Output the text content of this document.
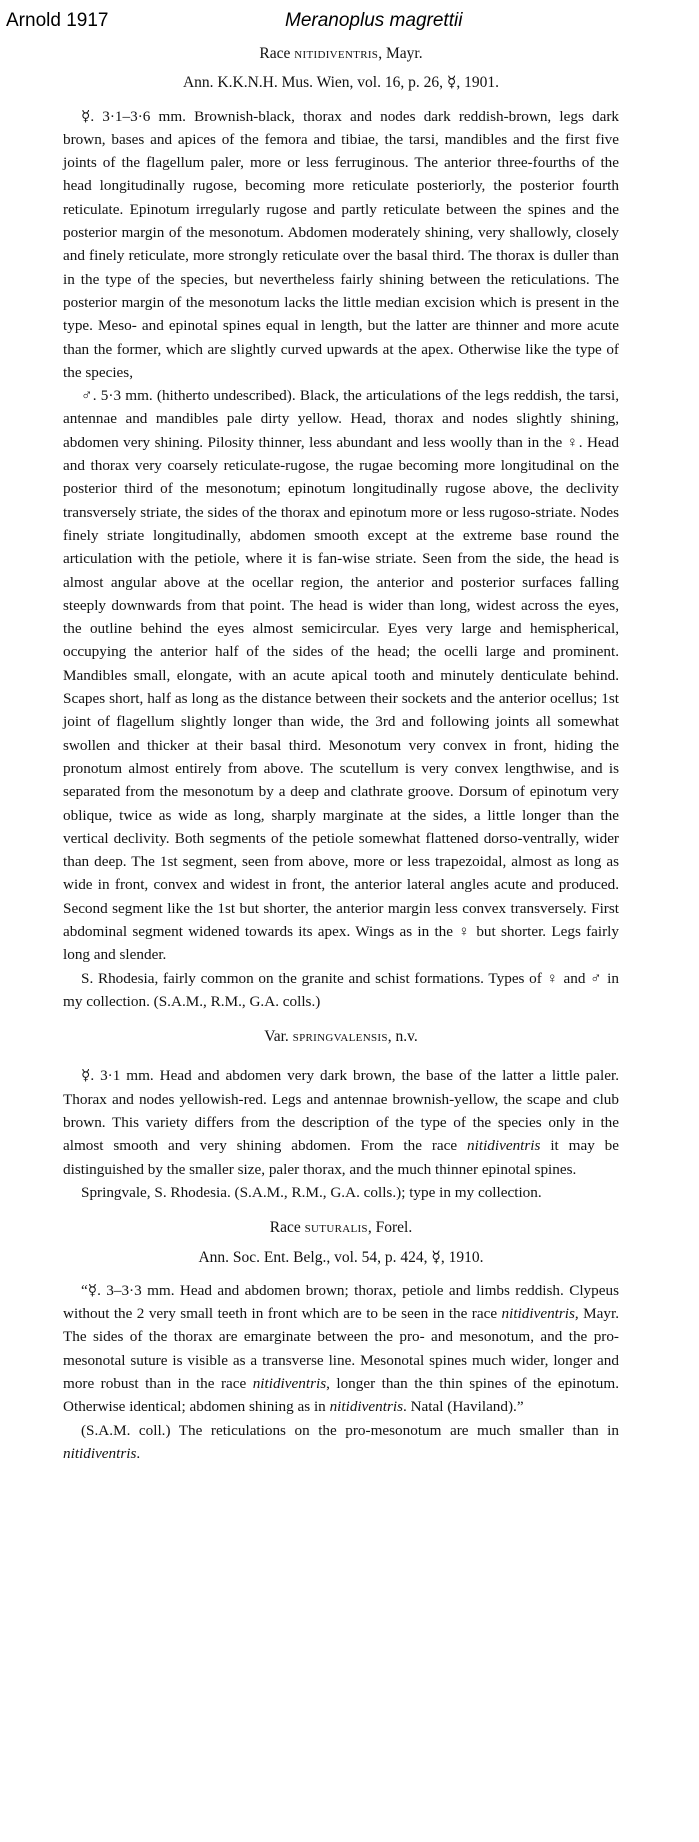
Arnold 1917	Meranoplus magrettii
Race nitidiventris, Mayr.
Ann. K.K.N.H. Mus. Wien, vol. 16, p. 26, ☿, 1901.

☿. 3·1–3·6 mm. Brownish-black, thorax and nodes dark reddish-brown, legs dark brown, bases and apices of the femora and tibiae, the tarsi, mandibles and the first five joints of the flagellum paler, more or less ferruginous. The anterior three-fourths of the head longitudinally rugose, becoming more reticulate posteriorly, the posterior fourth reticulate. Epinotum irregularly rugose and partly reticulate between the spines and the posterior margin of the mesonotum. Abdomen moderately shining, very shallowly, closely and finely reticulate, more strongly reticulate over the basal third. The thorax is duller than in the type of the species, but nevertheless fairly shining between the reticulations. The posterior margin of the mesonotum lacks the little median excision which is present in the type. Meso- and epinotal spines equal in length, but the latter are thinner and more acute than the former, which are slightly curved upwards at the apex. Otherwise like the type of the species,

♂. 5·3 mm. (hitherto undescribed). Black, the articulations of the legs reddish, the tarsi, antennae and mandibles pale dirty yellow. Head, thorax and nodes slightly shining, abdomen very shining. Pilosity thinner, less abundant and less woolly than in the ♀. Head and thorax very coarsely reticulate-rugose, the rugae becoming more longitudinal on the posterior third of the mesonotum; epinotum longitudinally rugose above, the declivity transversely striate, the sides of the thorax and epinotum more or less rugoso-striate. Nodes finely striate longitudinally, abdomen smooth except at the extreme base round the articulation with the petiole, where it is fan-wise striate. Seen from the side, the head is almost angular above at the ocellar region, the anterior and posterior surfaces falling steeply downwards from that point. The head is wider than long, widest across the eyes, the outline behind the eyes almost semicircular. Eyes very large and hemispherical, occupying the anterior half of the sides of the head; the ocelli large and prominent. Mandibles small, elongate, with an acute apical tooth and minutely denticulate behind. Scapes short, half as long as the distance between their sockets and the anterior ocellus; 1st joint of flagellum slightly longer than wide, the 3rd and following joints all somewhat swollen and thicker at their basal third. Mesonotum very convex in front, hiding the pronotum almost entirely from above. The scutellum is very convex lengthwise, and is separated from the mesonotum by a deep and clathrate groove. Dorsum of epinotum very oblique, twice as wide as long, sharply marginate at the sides, a little longer than the vertical declivity. Both segments of the petiole somewhat flattened dorso-ventrally, wider than deep. The 1st segment, seen from above, more or less trapezoidal, almost as long as wide in front, convex and widest in front, the anterior lateral angles acute and produced. Second segment like the 1st but shorter, the anterior margin less convex transversely. First abdominal segment widened towards its apex. Wings as in the ♀ but shorter. Legs fairly long and slender.

S. Rhodesia, fairly common on the granite and schist formations. Types of ♀ and ♂ in my collection. (S.A.M., R.M., G.A. colls.)

Var. springvalensis, n.v.

☿. 3·1 mm. Head and abdomen very dark brown, the base of the latter a little paler. Thorax and nodes yellowish-red. Legs and antennae brownish-yellow, the scape and club brown. This variety differs from the description of the type of the species only in the almost smooth and very shining abdomen. From the race nitidiventris it may be distinguished by the smaller size, paler thorax, and the much thinner epinotal spines.

Springvale, S. Rhodesia. (S.A.M., R.M., G.A. colls.); type in my collection.

Race suturalis, Forel.
Ann. Soc. Ent. Belg., vol. 54, p. 424, ☿, 1910.

“☿. 3–3·3 mm. Head and abdomen brown; thorax, petiole and limbs reddish. Clypeus without the 2 very small teeth in front which are to be seen in the race nitidiventris, Mayr. The sides of the thorax are emarginate between the pro- and mesonotum, and the pro-mesonotal suture is visible as a transverse line. Mesonotal spines much wider, longer and more robust than in the race nitidiventris, longer than the thin spines of the epinotum. Otherwise identical; abdomen shining as in nitidiventris. Natal (Haviland).”

(S.A.M. coll.) The reticulations on the pro-mesonotum are much smaller than in nitidiventris.
